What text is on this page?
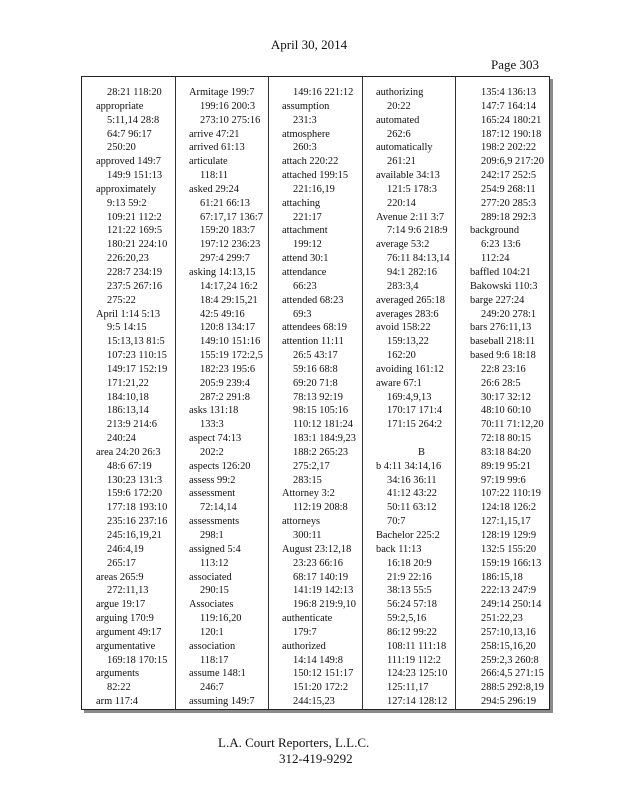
April 30, 2014
Page 303
28:21 118:20
appropriate
5:11,14 28:8
64:7 96:17
250:20
approved 149:7
149:9 151:13
approximately
9:13 59:2
109:21 112:2
121:22 169:5
180:21 224:10
226:20,23
228:7 234:19
237:5 267:16
275:22
April 1:14 5:13
9:5 14:15
15:13,13 81:5
107:23 110:15
149:17 152:19
171:21,22
184:10,18
186:13,14
213:9 214:6
240:24
area 24:20 26:3
48:6 67:19
130:23 131:3
159:6 172:20
177:18 193:10
235:16 237:16
245:16,19,21
246:4,19
265:17
areas 265:9
272:11,13
argue 19:17
arguing 170:9
argument 49:17
argumentative
169:18 170:15
arguments
82:22
arm 117:4
Armitage 199:7
199:16 200:3
273:10 275:16
arrive 47:21
arrived 61:13
articulate
118:11
asked 29:24
61:21 66:13
67:17,17 136:7
159:20 183:7
197:12 236:23
297:4 299:7
asking 14:13,15
14:17,24 16:2
18:4 29:15,21
42:5 49:16
120:8 134:17
149:10 151:16
155:19 172:2,5
182:23 195:6
205:9 239:4
287:2 291:8
asks 131:18
133:3
aspect 74:13
202:2
aspects 126:20
assess 99:2
assessment
72:14,14
assessments
298:1
assigned 5:4
113:12
associated
290:15
Associates
119:16,20
120:1
association
118:17
assume 148:1
246:7
assuming 149:7
149:16 221:12
assumption
231:3
atmosphere
260:3
attach 220:22
attached 199:15
221:16,19
attaching
221:17
attachment
199:12
attend 30:1
attendance
66:23
attended 68:23
69:3
attendees 68:19
attention 11:11
26:5 43:17
59:16 68:8
69:20 71:8
78:13 92:19
98:15 105:16
110:12 181:24
183:1 184:9,23
188:2 265:23
275:2,17
283:15
Attorney 3:2
112:19 208:8
attorneys
300:11
August 23:12,18
23:23 66:16
68:17 140:19
141:19 142:13
196:8 219:9,10
authenticate
179:7
authorized
14:14 149:8
150:12 151:17
151:20 172:2
244:15,23
authorizing
20:22
automated
262:6
automatically
261:21
available 34:13
121:5 178:3
220:14
Avenue 2:11 3:7
7:14 9:6 218:9
average 53:2
76:11 84:13,14
94:1 282:16
283:3,4
averaged 265:18
averages 283:6
avoid 158:22
159:13,22
162:20
avoiding 161:12
aware 67:1
169:4,9,13
170:17 171:4
171:15 264:2
B
b 4:11 34:14,16
34:16 36:11
41:12 43:22
50:11 63:12
70:7
Bachelor 225:2
back 11:13
16:18 20:9
21:9 22:16
38:13 55:5
56:24 57:18
59:2,5,16
86:12 99:22
108:11 111:18
111:19 112:2
124:23 125:10
125:11,17
127:14 128:12
135:4 136:13
147:7 164:14
165:24 180:21
187:12 190:18
198:2 202:22
209:6,9 217:20
242:17 252:5
254:9 268:11
277:20 285:3
289:18 292:3
background
6:23 13:6
112:24
baffled 104:21
Bakowski 110:3
barge 227:24
249:20 278:1
bars 276:11,13
baseball 218:11
based 9:6 18:18
22:8 23:16
26:6 28:5
30:17 32:12
48:10 60:10
70:11 71:12,20
72:18 80:15
83:18 84:20
89:19 95:21
97:19 99:6
107:22 110:19
124:18 126:2
127:1,15,17
128:19 129:9
132:5 155:20
159:19 166:13
186:15,18
222:13 247:9
249:14 250:14
251:22,23
257:10,13,16
258:15,16,20
259:2,3 260:8
266:4,5 271:15
288:5 292:8,19
294:5 296:19
L.A. Court Reporters, L.L.C.
312-419-9292
